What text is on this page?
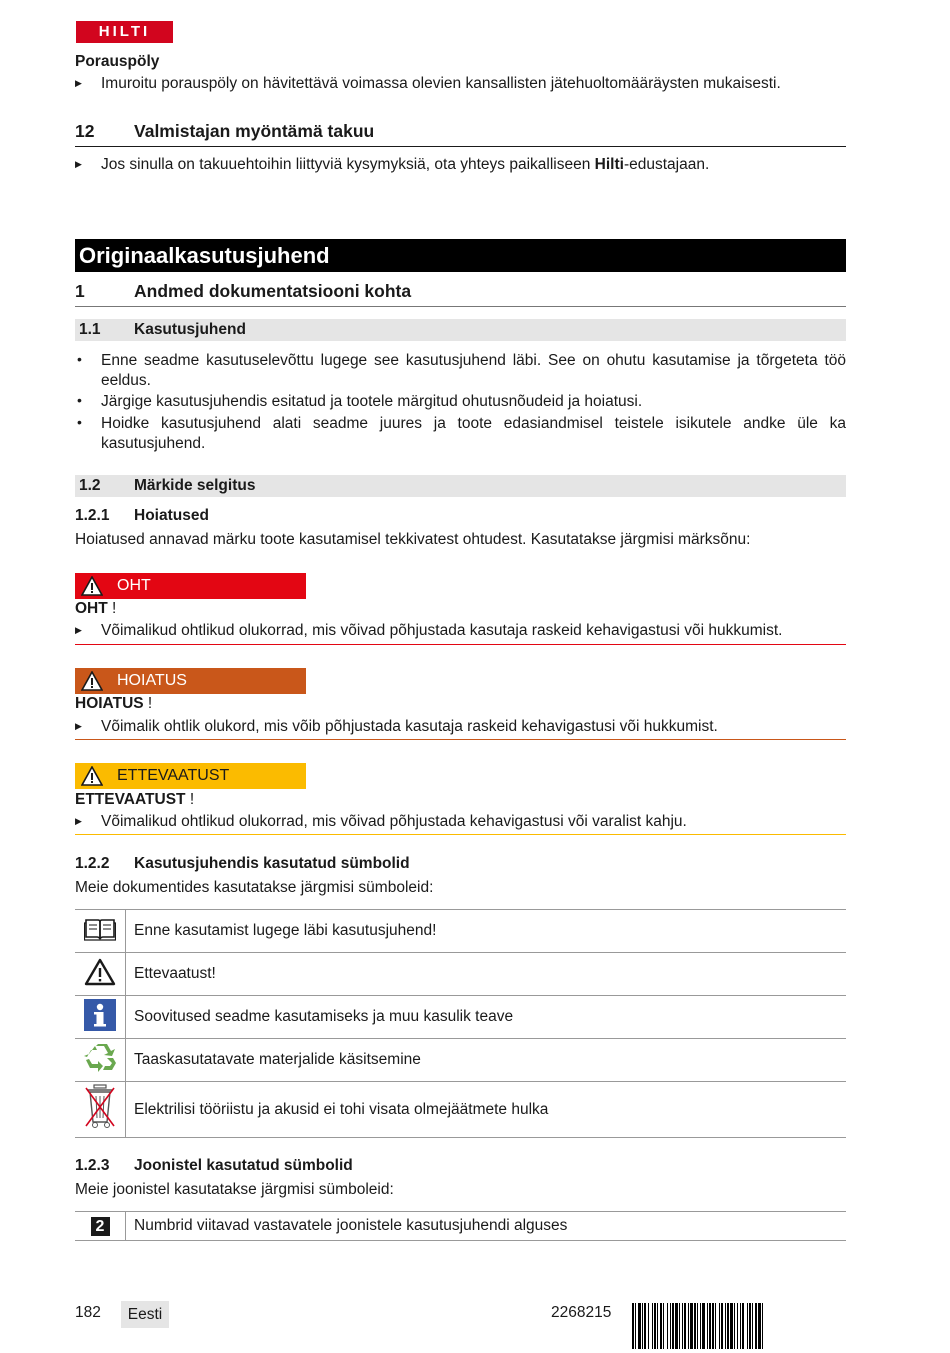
HILTI
Porauspöly
▶ Imuroitu porauspöly on hävitettävä voimassa olevien kansallisten jätehuoltomääräysten mukaisesti.
12 Valmistajan myöntämä takuu
▶ Jos sinulla on takuuehtoihin liittyviä kysymyksiä, ota yhteys paikalliseen Hilti-edustajaan.
Originaalkasutusjuhend
1	Andmed dokumentatsiooni kohta
1.1 Kasutusjuhend
• Enne seadme kasutuselevõttu lugege see kasutusjuhend läbi. See on ohutu kasutamise ja tõrgeteta töö eeldus.
• Järgige kasutusjuhendis esitatud ja tootele märgitud ohutusnõudeid ja hoiatusi.
• Hoidke kasutusjuhend alati seadme juures ja toote edasiandmisel teistele isikutele andke üle ka kasutusjuhend.
1.2 Märkide selgitus
1.2.1 Hoiatused
Hoiatused annavad märku toote kasutamisel tekkivatest ohtudest. Kasutatakse järgmisi märksõnu:
OHT
OHT !
▶ Võimalikud ohtlikud olukorrad, mis võivad põhjustada kasutaja raskeid kehavigastusi või hukkumist.
HOIATUS
HOIATUS !
▶ Võimalik ohtlik olukord, mis võib põhjustada kasutaja raskeid kehavigastusi või hukkumist.
ETTEVAATUST
ETTEVAATUST !
▶ Võimalikud ohtlikud olukorrad, mis võivad põhjustada kehavigastusi või varalist kahju.
1.2.2 Kasutusjuhendis kasutatud sümbolid
Meie dokumentides kasutatakse järgmisi sümboleid:
	Enne kasutamist lugege läbi kasutusjuhend!
	Ettevaatust!
	Soovitused seadme kasutamiseks ja muu kasulik teave
	Taaskasutatavate materjalide käsitsemine
	Elektrilisi tööriistu ja akusid ei tohi visata olmejäätmete hulka
1.2.3 Joonistel kasutatud sümbolid
Meie joonistel kasutatakse järgmisi sümboleid:
2	Numbrid viitavad vastavatele joonistele kasutusjuhendi alguses
182	Eesti	2268215
